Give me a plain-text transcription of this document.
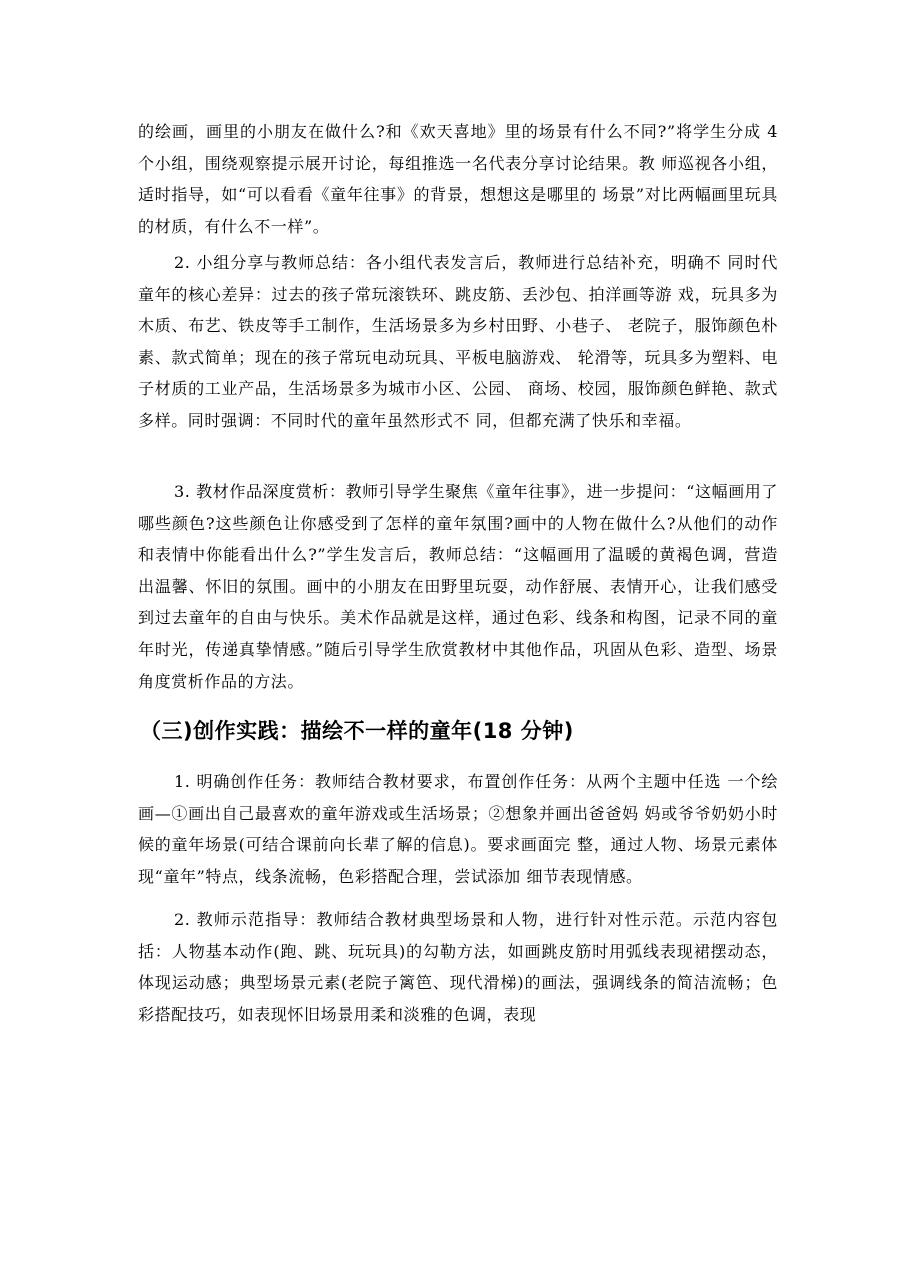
的绘画，画里的小朋友在做什么?和《欢天喜地》里的场景有什么不同?”将学生分成 4 个小组，围绕观察提示展开讨论，每组推选一名代表分享讨论结果。教 师巡视各小组，适时指导，如“可以看看《童年往事》的背景，想想这是哪里的 场景”对比两幅画里玩具的材质，有什么不一样”。

2. 小组分享与教师总结：各小组代表发言后，教师进行总结补充，明确不 同时代童年的核心差异：过去的孩子常玩滚铁环、跳皮筋、丢沙包、拍洋画等游 戏，玩具多为木质、布艺、铁皮等手工制作，生活场景多为乡村田野、小巷子、 老院子，服饰颜色朴素、款式简单；现在的孩子常玩电动玩具、平板电脑游戏、 轮滑等，玩具多为塑料、电子材质的工业产品，生活场景多为城市小区、公园、 商场、校园，服饰颜色鲜艳、款式多样。同时强调：不同时代的童年虽然形式不 同，但都充满了快乐和幸福。

3. 教材作品深度赏析：教师引导学生聚焦《童年往事》，进一步提问：“这幅画用了哪些颜色?这些颜色让你感受到了怎样的童年氛围?画中的人物在做什么?从他们的动作和表情中你能看出什么?”学生发言后，教师总结：“这幅画用了温暖的黄褐色调，营造出温馨、怀旧的氛围。画中的小朋友在田野里玩耍，动作舒展、表情开心，让我们感受到过去童年的自由与快乐。美术作品就是这样，通过色彩、线条和构图，记录不同的童年时光，传递真挚情感。”随后引导学生欣赏教材中其他作品，巩固从色彩、造型、场景角度赏析作品的方法。

（三)创作实践：描绘不一样的童年(18 分钟)

1. 明确创作任务：教师结合教材要求，布置创作任务：从两个主题中任选 一个绘画—①画出自己最喜欢的童年游戏或生活场景；②想象并画出爸爸妈 妈或爷爷奶奶小时候的童年场景(可结合课前向长辈了解的信息)。要求画面完 整，通过人物、场景元素体现“童年”特点，线条流畅，色彩搭配合理，尝试添加 细节表现情感。

2. 教师示范指导：教师结合教材典型场景和人物，进行针对性示范。示范内容包括：人物基本动作(跑、跳、玩玩具)的勾勒方法，如画跳皮筋时用弧线表现裙摆动态，体现运动感；典型场景元素(老院子篱笆、现代滑梯)的画法，强调线条的简洁流畅；色彩搭配技巧，如表现怀旧场景用柔和淡雅的色调，表现
